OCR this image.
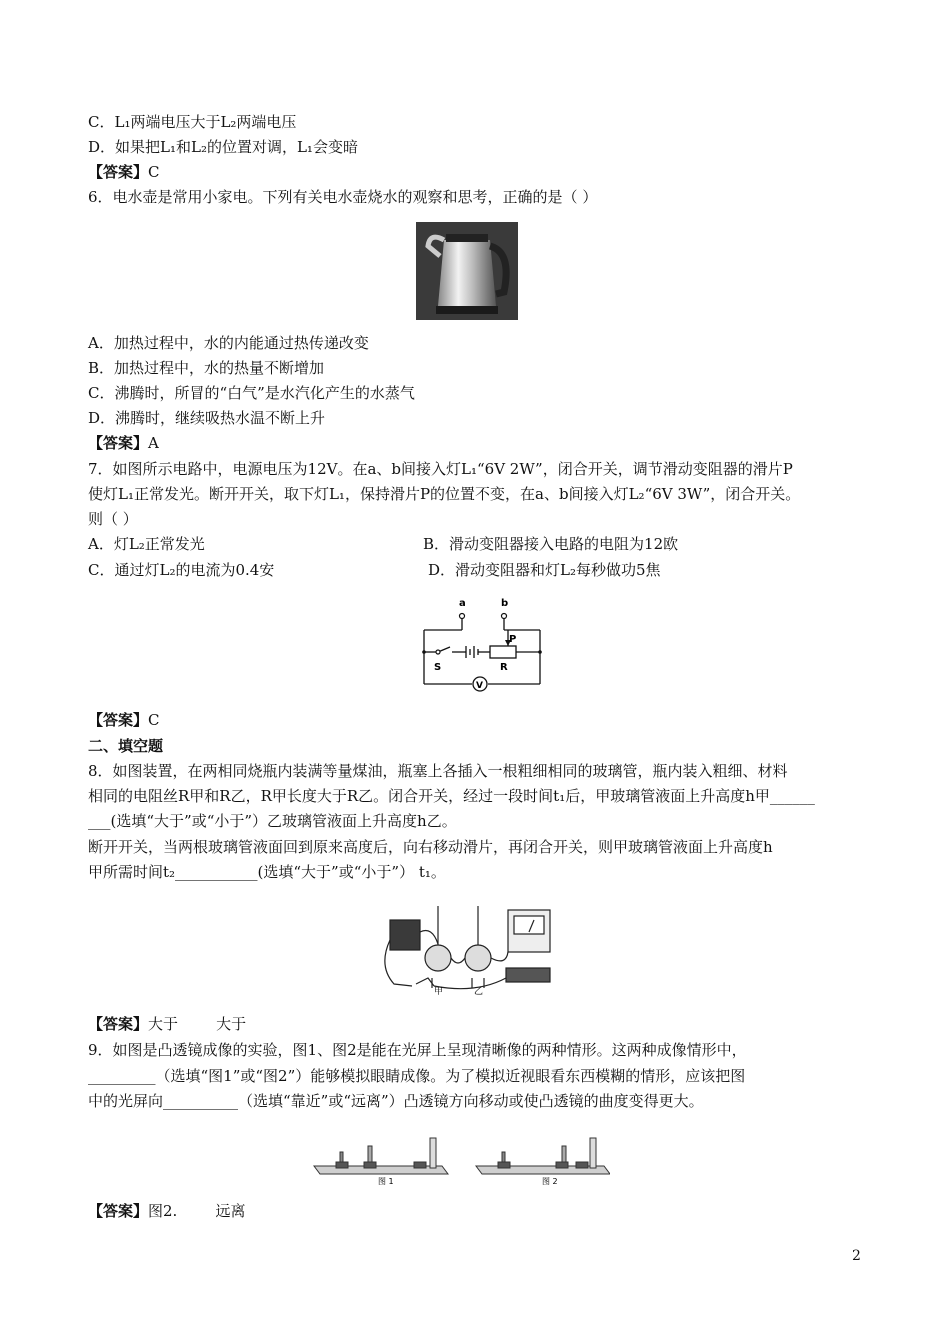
C．L₁两端电压大于L₂两端电压
D．如果把L₁和L₂的位置对调，L₁会变暗
【答案】C
6．电水壶是常用小家电。下列有关电水壶烧水的观察和思考，正确的是（ ）
A．加热过程中，水的内能通过热传递改变
B．加热过程中，水的热量不断增加
C．沸腾时，所冒的“白气”是水汽化产生的水蒸气
D．沸腾时，继续吸热水温不断上升
【答案】A
7．如图所示电路中，电源电压为12V。在a、b间接入灯L₁“6V 2W”，闭合开关，调节滑动变阻器的滑片P
使灯L₁正常发光。断开开关，取下灯L₁，保持滑片P的位置不变，在a、b间接入灯L₂“6V 3W”，闭合开关。
则（ ）
A．灯L₂正常发光	B．滑动变阻器接入电路的电阻为12欧
C．通过灯L₂的电流为0.4安	D．滑动变阻器和灯L₂每秒做功5焦
a	b
P
S	R
V
【答案】C
二、填空题
8．如图装置，在两相同烧瓶内装满等量煤油，瓶塞上各插入一根粗细相同的玻璃管，瓶内装入粗细、材料
相同的电阻丝R甲和R乙，R甲长度大于R乙。闭合开关，经过一段时间t₁后，甲玻璃管液面上升高度h甲______
___(选填“大于”或“小于”）乙玻璃管液面上升高度h乙。
断开开关，当两根玻璃管液面回到原来高度后，向右移动滑片，再闭合开关，则甲玻璃管液面上升高度h
甲所需时间t₂___________(选填“大于”或“小于”） t₁。
甲	乙
【答案】大于        大于
9．如图是凸透镜成像的实验，图1、图2是能在光屏上呈现清晰像的两种情形。这两种成像情形中，
_________（选填“图1”或“图2”）能够模拟眼睛成像。为了模拟近视眼看东西模糊的情形，应该把图
中的光屏向__________（选填“靠近”或“远离”）凸透镜方向移动或使凸透镜的曲度变得更大。
图 1	图 2
【答案】图2.        远离
2
